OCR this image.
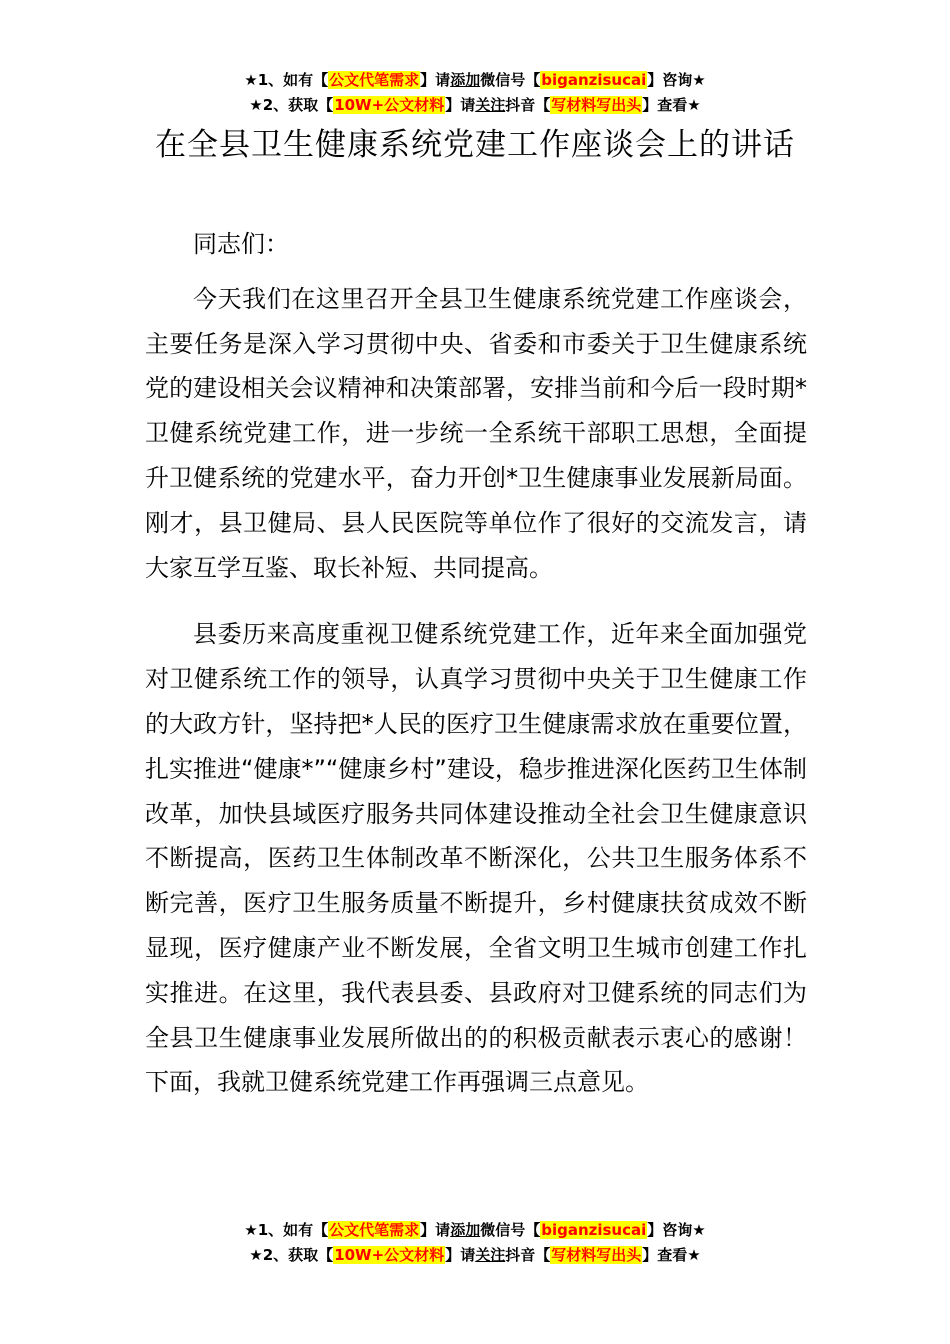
★1、如有【公文代笔需求】请添加微信号【biganzisucai】咨询★
★2、获取【10W+公文材料】请关注抖音【写材料写出头】查看★
在全县卫生健康系统党建工作座谈会上的讲话

同志们：

今天我们在这里召开全县卫生健康系统党建工作座谈会，主要任务是深入学习贯彻中央、省委和市委关于卫生健康系统党的建设相关会议精神和决策部署，安排当前和今后一段时期*卫健系统党建工作，进一步统一全系统干部职工思想，全面提升卫健系统的党建水平，奋力开创*卫生健康事业发展新局面。刚才，县卫健局、县人民医院等单位作了很好的交流发言，请大家互学互鉴、取长补短、共同提高。

县委历来高度重视卫健系统党建工作，近年来全面加强党对卫健系统工作的领导，认真学习贯彻中央关于卫生健康工作的大政方针，坚持把*人民的医疗卫生健康需求放在重要位置，扎实推进“健康*”“健康乡村”建设，稳步推进深化医药卫生体制改革，加快县域医疗服务共同体建设推动全社会卫生健康意识不断提高，医药卫生体制改革不断深化，公共卫生服务体系不断完善，医疗卫生服务质量不断提升，乡村健康扶贫成效不断显现，医疗健康产业不断发展，全省文明卫生城市创建工作扎实推进。在这里，我代表县委、县政府对卫健系统的同志们为全县卫生健康事业发展所做出的的积极贡献表示衷心的感谢！下面，我就卫健系统党建工作再强调三点意见。

★1、如有【公文代笔需求】请添加微信号【biganzisucai】咨询★
★2、获取【10W+公文材料】请关注抖音【写材料写出头】查看★
